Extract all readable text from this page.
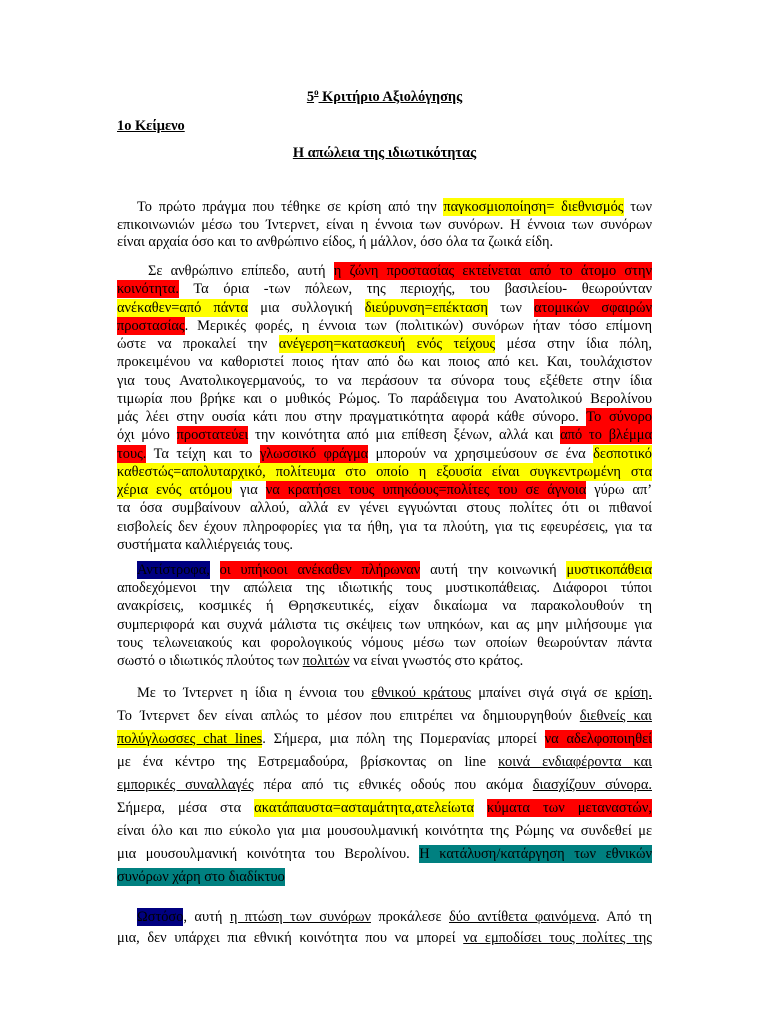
$5^o$ Κριτήριο Αξιολόγησης
1ο Κείμενο
Η απώλεια της ιδιωτικότητας
Το πρώτο πράγμα που τέθηκε σε κρίση από την παγκοσμιοποίηση= διεθνισμός των
επικοινωνιών μέσω του Ίντερνετ, είναι η έννοια των συνόρων. Η έννοια των συνόρων
είναι αρχαία όσο και το ανθρώπινο είδος, ή μάλλον, όσο όλα τα ζωικά είδη.
Σε ανθρώπινο επίπεδο, αυτή η ζώνη προστασίας εκτείνεται από το άτομο στην
κοινότητα. Τα όρια -των πόλεων, της περιοχής, του βασιλείου- θεωρούνταν
ανέκαθεν=από πάντα μια συλλογική διεύρυνση=επέκταση των ατομικών σφαιρών
προστασίας. Μερικές φορές, η έννοια των (πολιτικών) συνόρων ήταν τόσο επίμονη
ώστε να προκαλεί την ανέγερση=κατασκευή ενός τείχους μέσα στην ίδια πόλη,
προκειμένου να καθοριστεί ποιος ήταν από δω και ποιος από κει. Και, τουλάχιστον
για τους Ανατολικογερμανούς, το να περάσουν τα σύνορα τους εξέθετε στην ίδια
τιμωρία που βρήκε και ο μυθικός Ρώμος. Το παράδειγμα του Ανατολικού Βερολίνου
μάς λέει στην ουσία κάτι που στην πραγματικότητα αφορά κάθε σύνορο. Το σύνορο
όχι μόνο προστατεύει την κοινότητα από μια επίθεση ξένων, αλλά και από το βλέμμα
τους. Τα τείχη και το γλωσσικό φράγμα μπορούν να χρησιμεύσουν σε ένα δεσποτικό
καθεστώς=απολυταρχικό, πολίτευμα στο οποίο η εξουσία είναι συγκεντρωμένη στα
χέρια ενός ατόμου για να κρατήσει τους υπηκόους=πολίτες του σε άγνοια γύρω απ’
τα όσα συμβαίνουν αλλού, αλλά εν γένει εγγυώνται στους πολίτες ότι οι πιθανοί
εισβολείς δεν έχουν πληροφορίες για τα ήθη, για τα πλούτη, για τις εφευρέσεις, για τα
συστήματα καλλιέργειάς τους.
Αντίστροφα, οι υπήκοοι ανέκαθεν πλήρωναν αυτή την κοινωνική μυστικοπάθεια
αποδεχόμενοι την απώλεια της ιδιωτικής τους μυστικοπάθειας. Διάφοροι τύποι
ανακρίσεις, κοσμικές ή Θρησκευτικές, είχαν δικαίωμα να παρακολουθούν τη
συμπεριφορά και συχνά μάλιστα τις σκέψεις των υπηκόων, και ας μην μιλήσουμε για
τους τελωνειακούς και φορολογικούς νόμους μέσω των οποίων θεωρούνταν πάντα
σωστό ο ιδιωτικός πλούτος των πολιτών να είναι γνωστός στο κράτος.
Με το Ίντερνετ η ίδια η έννοια του εθνικού κράτους μπαίνει σιγά σιγά σε κρίση.
Το Ίντερνετ δεν είναι απλώς το μέσον που επιτρέπει να δημιουργηθούν διεθνείς και
πολύγλωσσες chat lines. Σήμερα, μια πόλη της Πομερανίας μπορεί να αδελφοποιηθεί
με ένα κέντρο της Εστρεμαδούρα, βρίσκοντας on line κοινά ενδιαφέροντα και
εμπορικές συναλλαγές πέρα από τις εθνικές οδούς που ακόμα διασχίζουν σύνορα.
Σήμερα, μέσα στα ακατάπαυστα=ασταμάτητα,ατελείωτα κύματα των μεταναστών,
είναι όλο και πιο εύκολο για μια μουσουλμανική κοινότητα της Ρώμης να συνδεθεί με
μια μουσουλμανική κοινότητα του Βερολίνου. Η κατάλυση/κατάργηση των εθνικών
συνόρων χάρη στο διαδίκτυο
Ωστόσο, αυτή η πτώση των συνόρων προκάλεσε δύο αντίθετα φαινόμενα. Από τη
μια, δεν υπάρχει πια εθνική κοινότητα που να μπορεί να εμποδίσει τους πολίτες της
